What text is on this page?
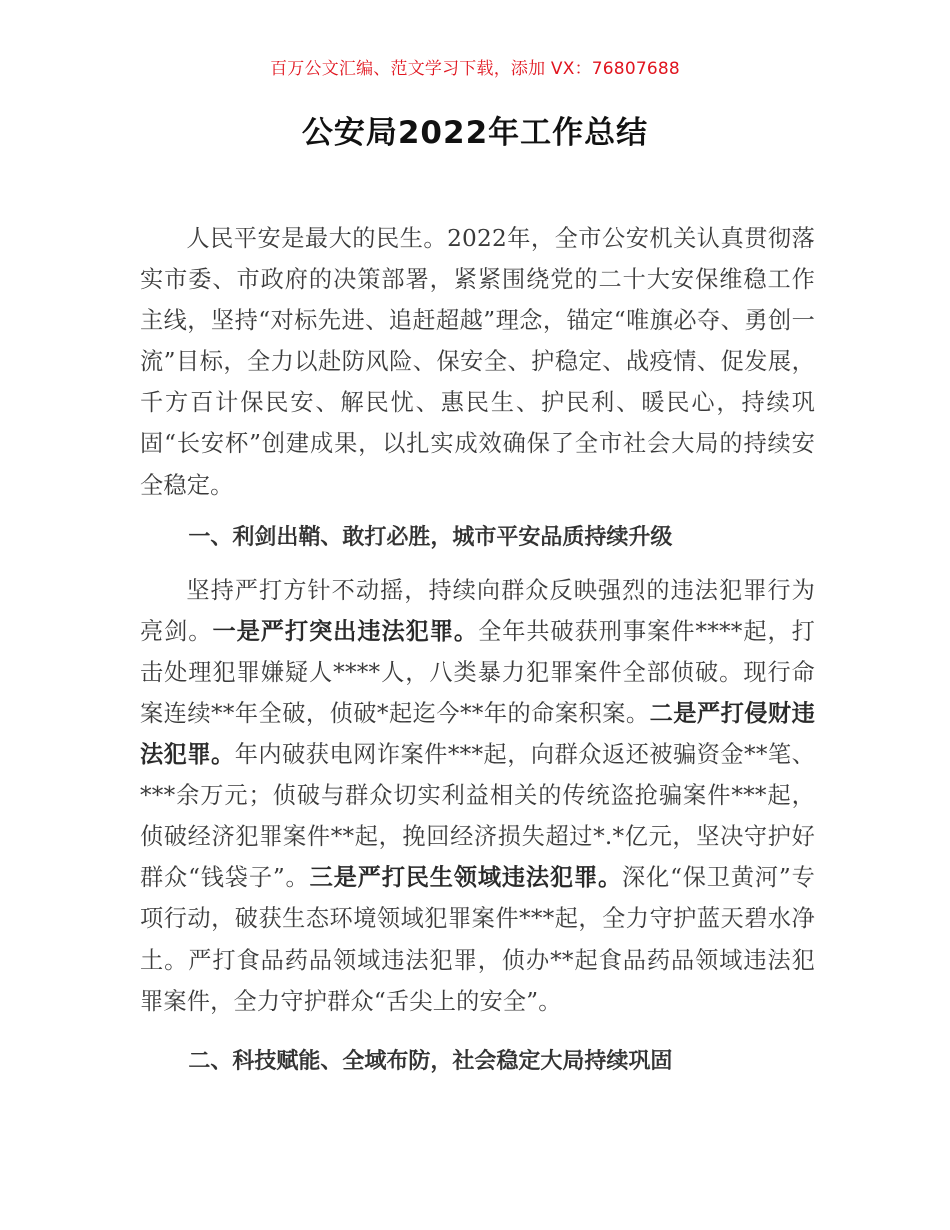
百万公文汇编、范文学习下载，添加 VX：76807688
公安局2022年工作总结

人民平安是最大的民生。2022年，全市公安机关认真贯彻落实市委、市政府的决策部署，紧紧围绕党的二十大安保维稳工作主线，坚持“对标先进、追赶超越”理念，锚定“唯旗必夺、勇创一流”目标，全力以赴防风险、保安全、护稳定、战疫情、促发展，千方百计保民安、解民忧、惠民生、护民利、暖民心，持续巩固“长安杯”创建成果，以扎实成效确保了全市社会大局的持续安全稳定。

一、利剑出鞘、敢打必胜，城市平安品质持续升级

坚持严打方针不动摇，持续向群众反映强烈的违法犯罪行为亮剑。一是严打突出违法犯罪。全年共破获刑事案件****起，打击处理犯罪嫌疑人****人，八类暴力犯罪案件全部侦破。现行命案连续**年全破，侦破*起迄今**年的命案积案。二是严打侵财违法犯罪。年内破获电网诈案件***起，向群众返还被骗资金**笔、***余万元；侦破与群众切实利益相关的传统盗抢骗案件***起，侦破经济犯罪案件**起，挽回经济损失超过*.*亿元，坚决守护好群众“钱袋子”。三是严打民生领域违法犯罪。深化“保卫黄河”专项行动，破获生态环境领域犯罪案件***起，全力守护蓝天碧水净土。严打食品药品领域违法犯罪，侦办**起食品药品领域违法犯罪案件，全力守护群众“舌尖上的安全”。

二、科技赋能、全域布防，社会稳定大局持续巩固
